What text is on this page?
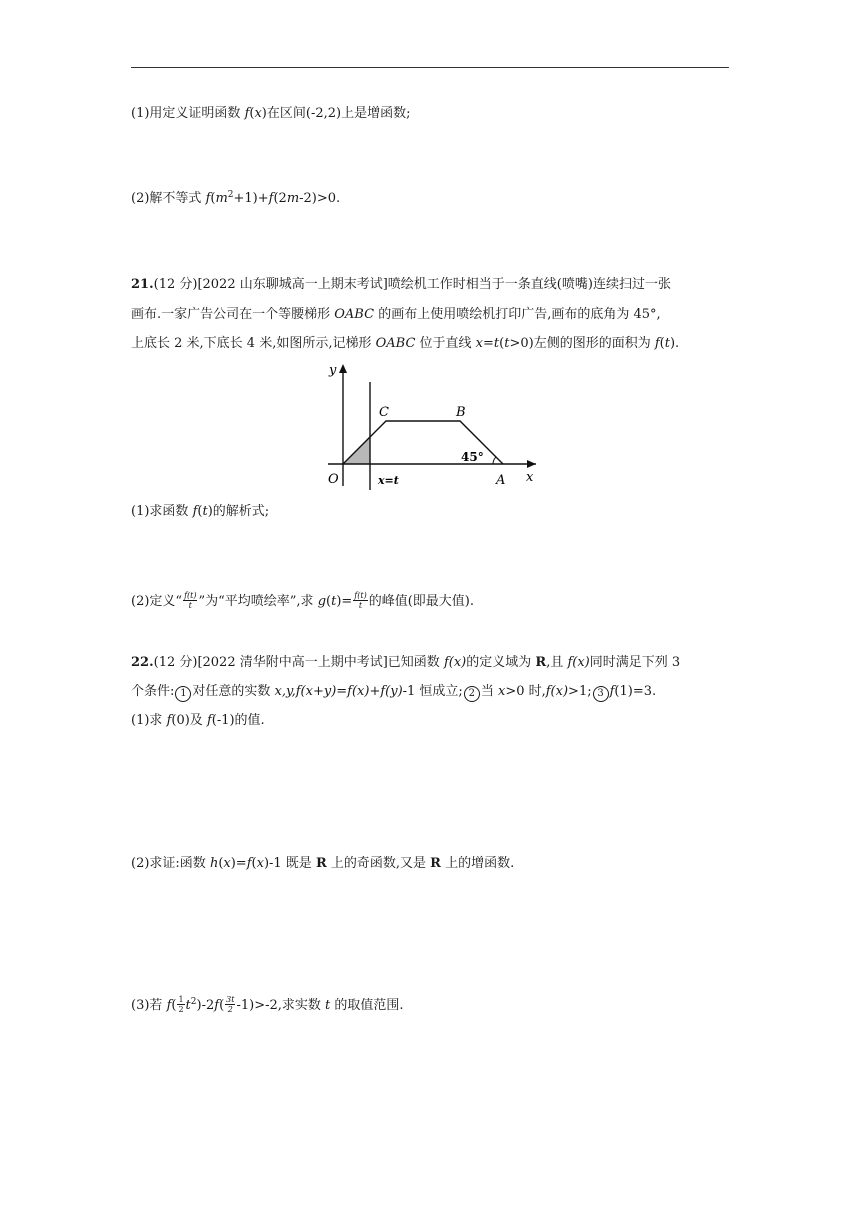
(1)用定义证明函数 f(x)在区间(-2,2)上是增函数;
(2)解不等式 $f(m^2+1)+f(2m-2)>0$.
21.(12 分)[2022 山东聊城高一上期末考试]喷绘机工作时相当于一条直线(喷嘴)连续扫过一张
画布.一家广告公司在一个等腰梯形 OABC 的画布上使用喷绘机打印广告,画布的底角为 45°,
上底长 2 米,下底长 4 米,如图所示,记梯形 OABC 位于直线 x=t(t>0)左侧的图形的面积为 f(t).
y
x
O	A
B
C
45°
x=t
(1)求函数 f(t)的解析式;
(2)定义“ $\frac{f(t)}{t}$ ”为“平均喷绘率”,求 $g(t)= \frac{f(t)}{t}$ 的峰值(即最大值).
22.(12 分)[2022 清华附中高一上期中考试]已知函数 f(x)的定义域为 R,且 f(x)同时满足下列 3
个条件: 1 对任意的实数 x,y,f(x+y)=f(x)+f(y)-1 恒成立; 2 当 x>0 时,f(x)>1; 3 f(1)=3.
(1)求 f(0)及 f(-1)的值.
(2)求证:函数 h(x)=f(x)-1 既是 R 上的奇函数,又是 R 上的增函数.
(3)若 $f( \frac{1}{2} t^2)-2f( \frac{3t}{2} -1)>-2$,求实数 t 的取值范围.
